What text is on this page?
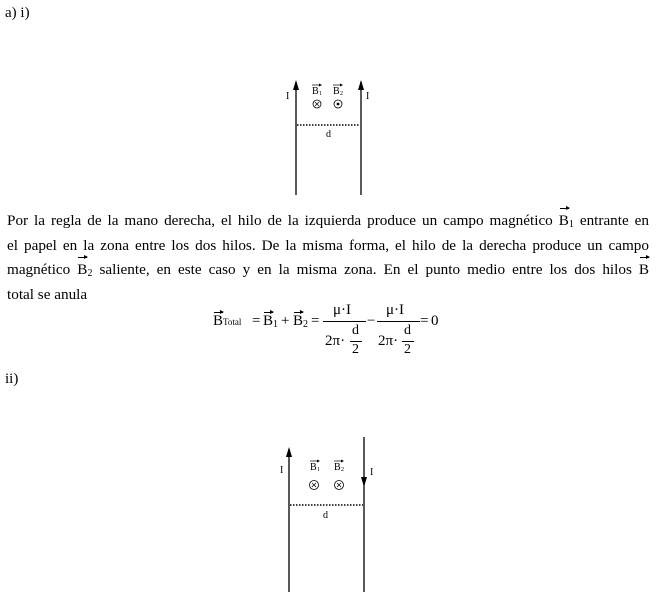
a) i)
I	I
B 1 B 2
d
Por la regla de la mano derecha, el hilo de la izquierda produce un campo magnético $B_1$ entrante en
el papel en la zona entre los dos hilos. De la misma forma, el hilo de la derecha produce un campo
magnético $B_2$ saliente, en este caso y en la misma zona. En el punto medio entre los dos hilos B
total se anula
BTotal = $B_1 + B_2$ =
μ·I
2π·
d
2
−
μ·I
2π·
d
2
= 0
ii)
I	I
B 1 B 2
d
